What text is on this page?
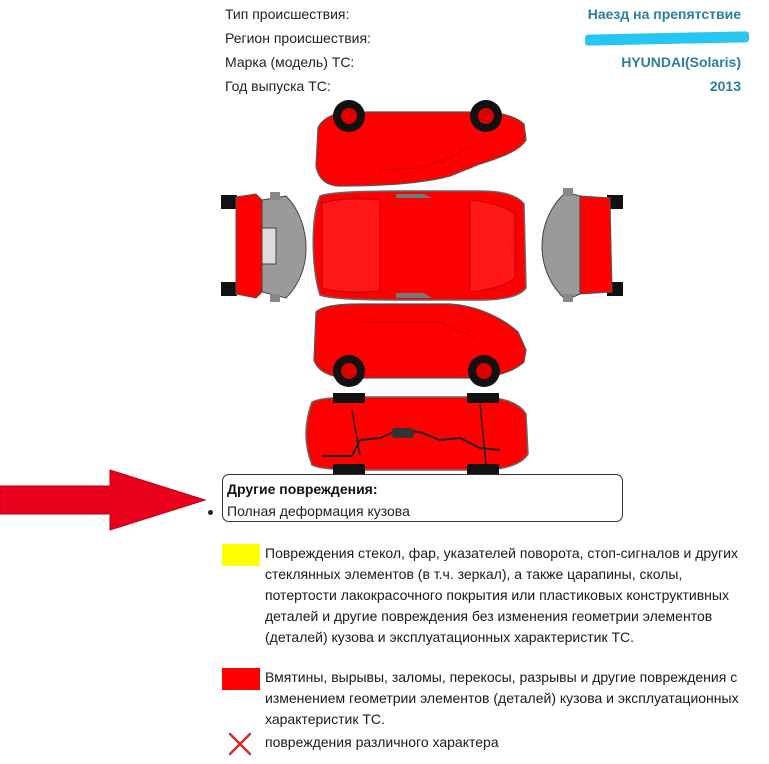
Тип происшествия:	Наезд на препятствие
Регион происшествия:
Марка (модель) ТС:	HYUNDAI(Solaris)
Год выпуска ТС:	2013
Другие повреждения:
Полная деформация кузова
Повреждения стекол, фар, указателей поворота, стоп-сигналов и других стеклянных элементов (в т.ч. зеркал), а также царапины, сколы, потертости лакокрасочного покрытия или пластиковых конструктивных деталей и другие повреждения без изменения геометрии элементов (деталей) кузова и эксплуатационных характеристик ТС.
Вмятины, вырывы, заломы, перекосы, разрывы и другие повреждения с изменением геометрии элементов (деталей) кузова и эксплуатационных характеристик ТС.
повреждения различного характера
